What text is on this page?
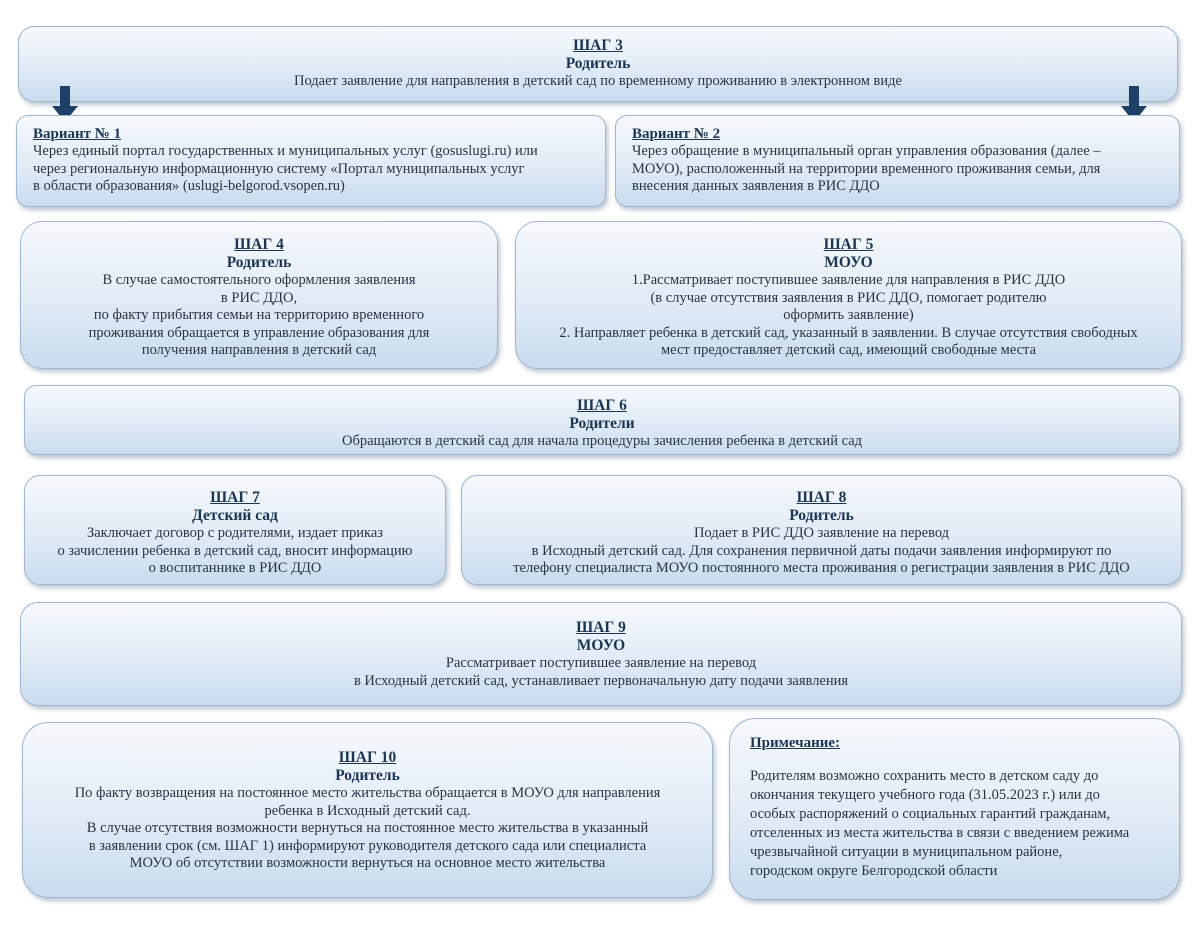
ШАГ 3
Родитель
Подает заявление для направления в детский сад по временному проживанию в электронном виде
Вариант № 1
Через единый портал государственных и муниципальных услуг (gosuslugi.ru) или
через региональную информационную систему «Портал муниципальных услуг
в области образования» (uslugi-belgorod.vsopen.ru)
Вариант № 2
Через обращение в муниципальный орган управления образования (далее –
МОУО), расположенный на территории временного проживания семьи, для
внесения данных заявления в РИС ДДО
ШАГ 4
Родитель
В случае самостоятельного оформления заявления
в РИС ДДО,
по факту прибытия семьи на территорию временного
проживания обращается в управление образования для
получения направления в детский сад
ШАГ 5
МОУО
1.Рассматривает поступившее заявление для направления в РИС ДДО
(в случае отсутствия заявления в РИС ДДО, помогает родителю
оформить заявление)
2. Направляет ребенка в детский сад, указанный в заявлении. В случае отсутствия свободных
мест предоставляет детский сад, имеющий свободные места
ШАГ 6
Родители
Обращаются в детский сад для начала процедуры зачисления ребенка в детский сад
ШАГ 7
Детский сад
Заключает договор с родителями, издает приказ
о зачислении ребенка в детский сад, вносит информацию
о воспитаннике в РИС ДДО
ШАГ 8
Родитель
Подает в РИС ДДО заявление на перевод
в Исходный детский сад. Для сохранения первичной даты подачи заявления информируют по
телефону специалиста МОУО постоянного места проживания о регистрации заявления в РИС ДДО
ШАГ 9
МОУО
Рассматривает поступившее заявление на перевод
в Исходный детский сад, устанавливает первоначальную дату подачи заявления
ШАГ 10
Родитель
По факту возвращения на постоянное место жительства обращается в МОУО для направления
ребенка в Исходный детский сад.
В случае отсутствия возможности вернуться на постоянное место жительства в указанный
в заявлении срок (см. ШАГ 1) информируют руководителя детского сада или специалиста
МОУО об отсутствии возможности вернуться на основное место жительства
Примечание:
Родителям возможно сохранить место в детском саду до
окончания текущего учебного года (31.05.2023 г.) или до
особых распоряжений о социальных гарантий гражданам,
отселенных из места жительства в связи с введением режима
чрезвычайной ситуации в муниципальном районе,
городском округе Белгородской области
